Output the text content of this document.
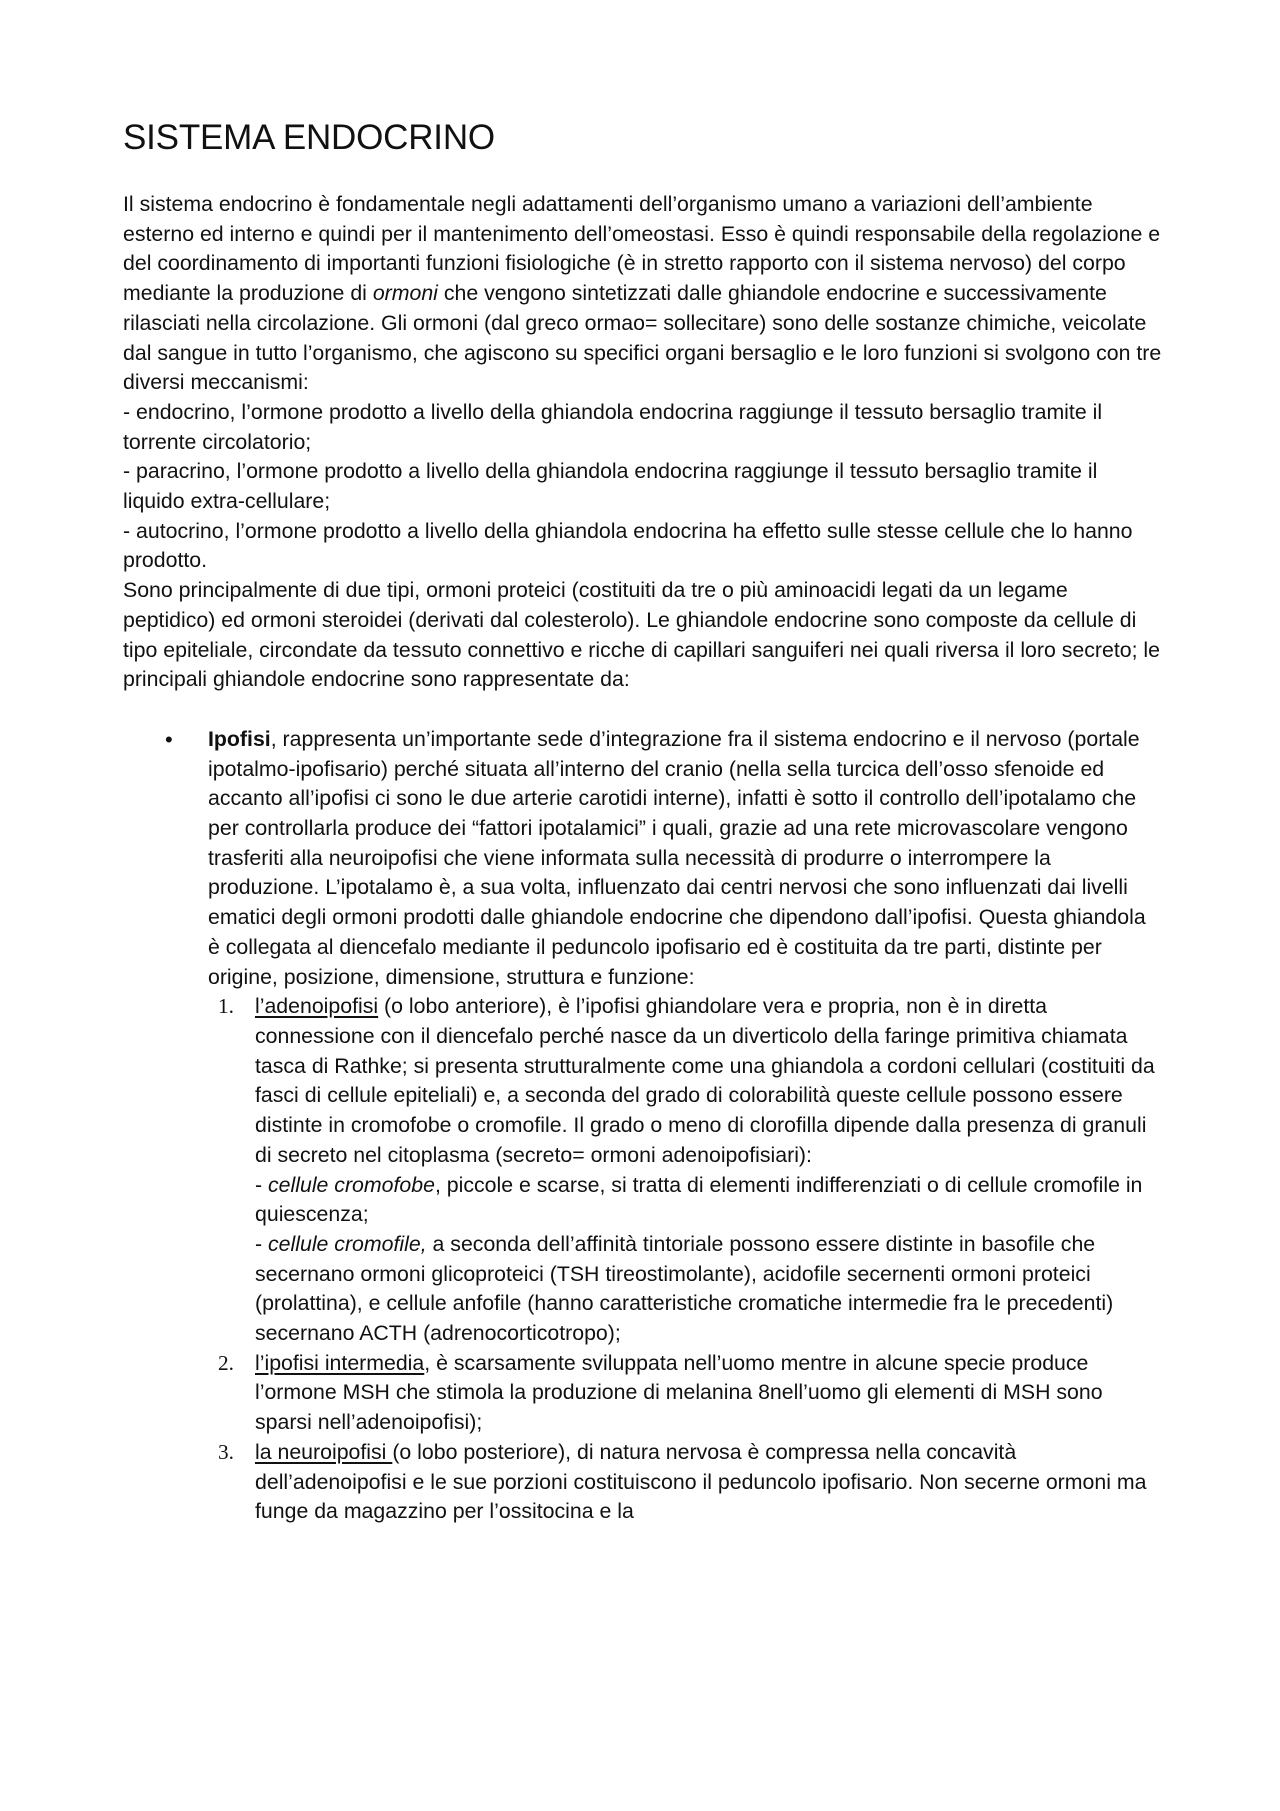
SISTEMA ENDOCRINO

Il sistema endocrino è fondamentale negli adattamenti dell’organismo umano a variazioni dell’ambiente esterno ed interno e quindi per il mantenimento dell’omeostasi. Esso è quindi responsabile della regolazione e del coordinamento di importanti funzioni fisiologiche (è in stretto rapporto con il sistema nervoso) del corpo mediante la produzione di ormoni che vengono sintetizzati dalle ghiandole endocrine e successivamente rilasciati nella circolazione. Gli ormoni (dal greco ormao= sollecitare) sono delle sostanze chimiche, veicolate dal sangue in tutto l’organismo, che agiscono su specifici organi bersaglio e le loro funzioni si svolgono con tre diversi meccanismi:

- endocrino, l’ormone prodotto a livello della ghiandola endocrina raggiunge il tessuto bersaglio tramite il torrente circolatorio;

- paracrino, l’ormone prodotto a livello della ghiandola endocrina raggiunge il tessuto bersaglio tramite il liquido extra-cellulare;

- autocrino, l’ormone prodotto a livello della ghiandola endocrina ha effetto sulle stesse cellule che lo hanno prodotto.

Sono principalmente di due tipi, ormoni proteici (costituiti da tre o più aminoacidi legati da un legame peptidico) ed ormoni steroidei (derivati dal colesterolo). Le ghiandole endocrine sono composte da cellule di tipo epiteliale, circondate da tessuto connettivo e ricche di capillari sanguiferi nei quali riversa il loro secreto; le principali ghiandole endocrine sono rappresentate da:

• Ipofisi, rappresenta un’importante sede d’integrazione fra il sistema endocrino e il nervoso (portale ipotalmo-ipofisario) perché situata all’interno del cranio (nella sella turcica dell’osso sfenoide ed accanto all’ipofisi ci sono le due arterie carotidi interne), infatti è sotto il controllo dell’ipotalamo che per controllarla produce dei “fattori ipotalamici” i quali, grazie ad una rete microvascolare vengono trasferiti alla neuroipofisi che viene informata sulla necessità di produrre o interrompere la produzione. L’ipotalamo è, a sua volta, influenzato dai centri nervosi che sono influenzati dai livelli ematici degli ormoni prodotti dalle ghiandole endocrine che dipendono dall’ipofisi. Questa ghiandola è collegata al diencefalo mediante il peduncolo ipofisario ed è costituita da tre parti, distinte per origine, posizione, dimensione, struttura e funzione:

1. l’adenoipofisi (o lobo anteriore), è l’ipofisi ghiandolare vera e propria, non è in diretta connessione con il diencefalo perché nasce da un diverticolo della faringe primitiva chiamata tasca di Rathke; si presenta strutturalmente come una ghiandola a cordoni cellulari (costituiti da fasci di cellule epiteliali) e, a seconda del grado di colorabilità queste cellule possono essere distinte in cromofobe o cromofile. Il grado o meno di clorofilla dipende dalla presenza di granuli di secreto nel citoplasma (secreto= ormoni adenoipofisiari):

- cellule cromofobe, piccole e scarse, si tratta di elementi indifferenziati o di cellule cromofile in quiescenza;

- cellule cromofile, a seconda dell’affinità tintoriale possono essere distinte in basofile che secernano ormoni glicoproteici (TSH tireostimolante), acidofile secernenti ormoni proteici (prolattina), e cellule anfofile (hanno caratteristiche cromatiche intermedie fra le precedenti) secernano ACTH (adrenocorticotropo);

2. l’ipofisi intermedia, è scarsamente sviluppata nell’uomo mentre in alcune specie produce l’ormone MSH che stimola la produzione di melanina 8nell’uomo gli elementi di MSH sono sparsi nell’adenoipofisi);

3. la neuroipofisi (o lobo posteriore), di natura nervosa è compressa nella concavità dell’adenoipofisi e le sue porzioni costituiscono il peduncolo ipofisario. Non secerne ormoni ma funge da magazzino per l’ossitocina e la
